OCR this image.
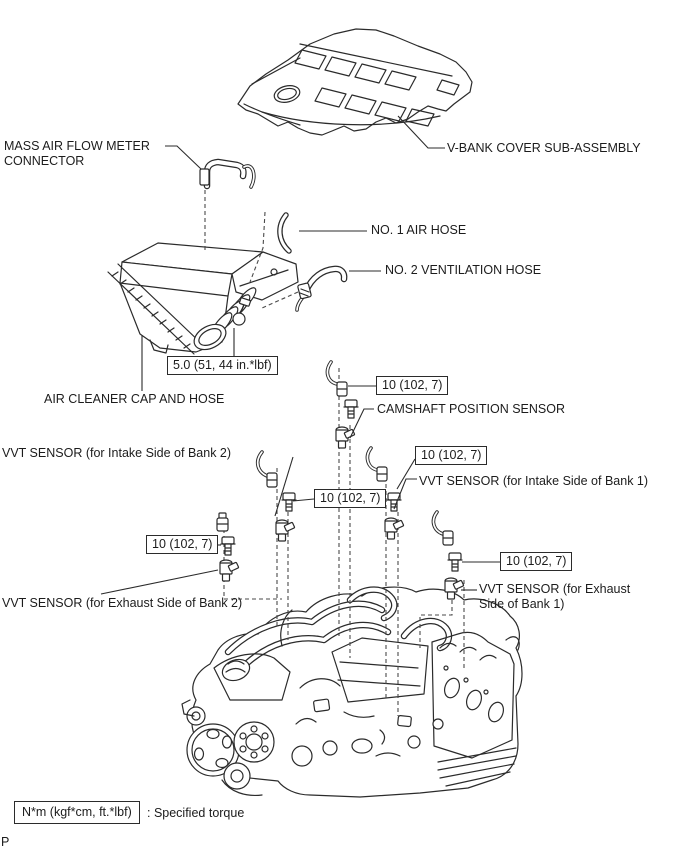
MASS AIR FLOW METER CONNECTOR
V-BANK COVER SUB-ASSEMBLY
NO. 1 AIR HOSE
NO. 2 VENTILATION HOSE
5.0 (51, 44 in.*lbf)
AIR CLEANER CAP AND HOSE
10 (102, 7)
CAMSHAFT POSITION SENSOR
VVT SENSOR (for Intake Side of Bank 2)	10 (102, 7)
VVT SENSOR (for Intake Side of Bank 1)
10 (102, 7)
10 (102, 7)
10 (102, 7)
VVT SENSOR (for Exhaust Side of Bank 2)
VVT SENSOR (for Exhaust Side of Bank 1)
N*m (kgf*cm, ft.*lbf)	: Specified torque
P
